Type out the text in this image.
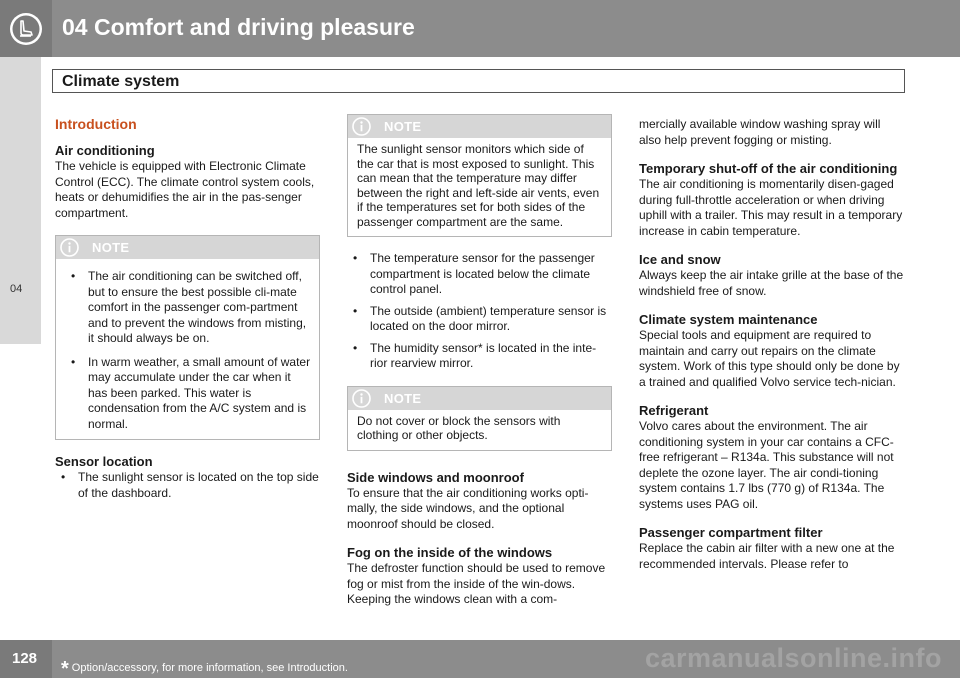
04 Comfort and driving pleasure
04
Climate system
Introduction
Air conditioning

The vehicle is equipped with Electronic Climate Control (ECC). The climate control system cools, heats or dehumidifies the air in the pas-senger compartment.

NOTE
• The air conditioning can be switched off, but to ensure the best possible cli-mate comfort in the passenger com-partment and to prevent the windows from misting, it should always be on.
• In warm weather, a small amount of water may accumulate under the car when it has been parked. This water is condensation from the A/C system and is normal.
Sensor location
• The sunlight sensor is located on the top side of the dashboard.
NOTE

The sunlight sensor monitors which side of the car that is most exposed to sunlight. This can mean that the temperature may differ between the right and left-side air vents, even if the temperatures set for both sides of the passenger compartment are the same.

• The temperature sensor for the passenger compartment is located below the climate control panel.
• The outside (ambient) temperature sensor is located on the door mirror.
• The humidity sensor* is located in the inte-rior rearview mirror.
NOTE

Do not cover or block the sensors with clothing or other objects.

Side windows and moonroof

To ensure that the air conditioning works opti-mally, the side windows, and the optional moonroof should be closed.

Fog on the inside of the windows

The defroster function should be used to remove fog or mist from the inside of the win-dows. Keeping the windows clean with a com-

mercially available window washing spray will also help prevent fogging or misting.

Temporary shut-off of the air conditioning

The air conditioning is momentarily disen-gaged during full-throttle acceleration or when driving uphill with a trailer. This may result in a temporary increase in cabin temperature.

Ice and snow

Always keep the air intake grille at the base of the windshield free of snow.

Climate system maintenance

Special tools and equipment are required to maintain and carry out repairs on the climate system. Work of this type should only be done by a trained and qualified Volvo service tech-nician.

Refrigerant

Volvo cares about the environment. The air conditioning system in your car contains a CFC-free refrigerant – R134a. This substance will not deplete the ozone layer. The air condi-tioning system contains 1.7 lbs (770 g) of R134a. The systems uses PAG oil.

Passenger compartment filter

Replace the cabin air filter with a new one at the recommended intervals. Please refer to

128 * Option/accessory, for more information, see Introduction.	carmanualsonline.info
